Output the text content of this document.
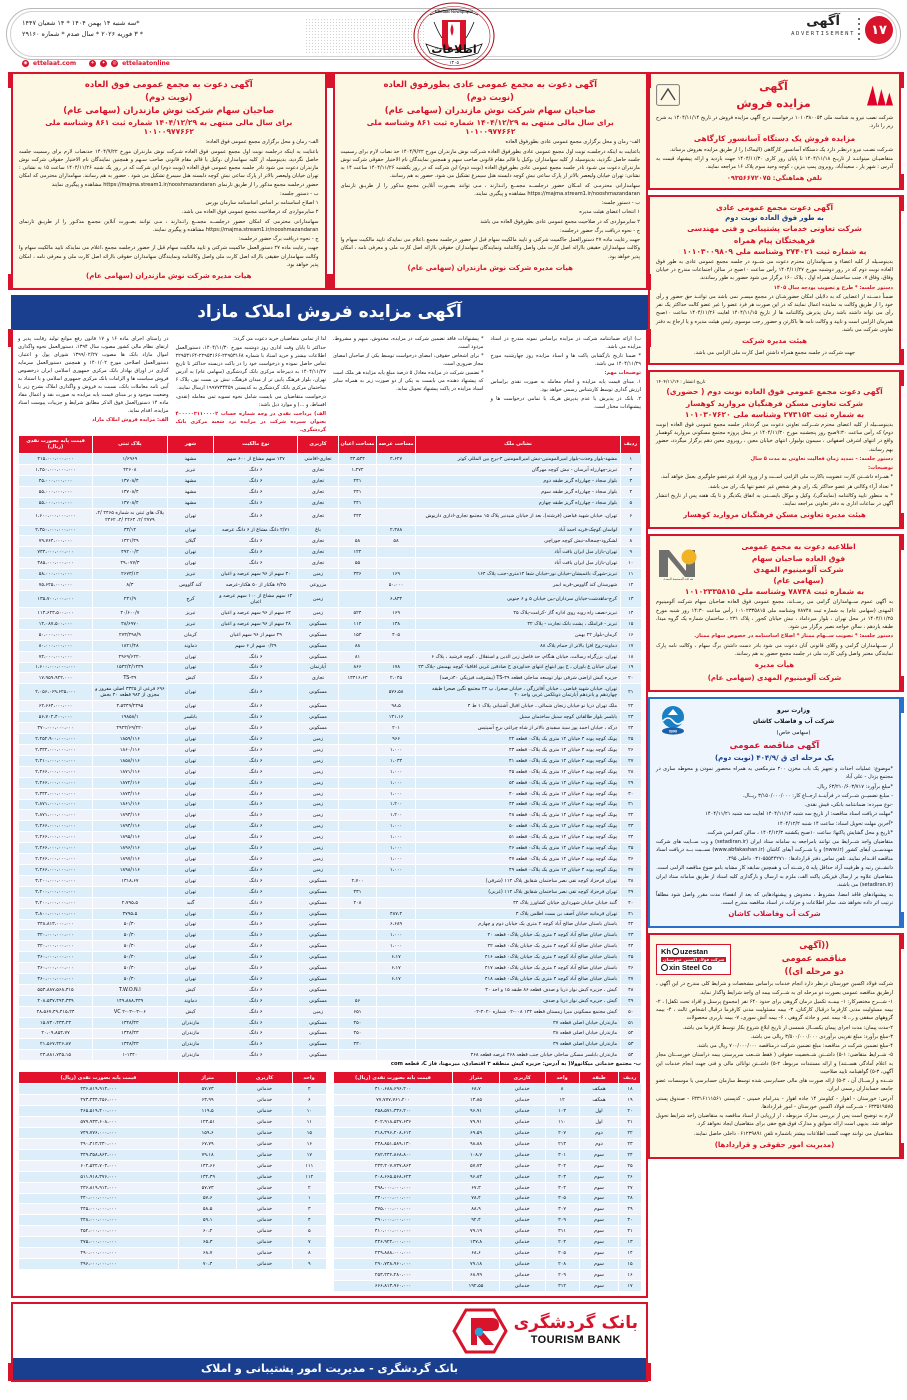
۱۷
آگهی
ADVERTISEMENT
Ettelaat Newspaper
اطلاعات
۱۳۰۵
*سه شنبه ۱۴ بهمن ۱۴۰۴ * ۱۴ شعبان ۱۴۴۷
* ۳ فوریه ۲۰۲۶ * سال صدم * شماره ۲۹۱۶۰
◉ ettelaat.com	✈	✦	◎ ettelaatonline
آگهی
مزایده فروش

شرکت نصب نیرو به شناسه ملی ۱۰۱۰۳۸۰۰۵۳ درخواست درج آگهی مزایده فروش در تاریخ ۱۴۰۴/۱۱/۱۴ به شرح زیر را دارد.

مزایده فروش یک دستگاه آسانسور کارگاهی

شـرکت نصـب نیرو درنظـر دارد یک دستگاه آسانسور کارگاهی (الیماک) را از طریق مزایده بفروش برساند.

متقاضیـان میتواننـد از تاریـخ ۱۴۰۴/۱۱/۱۸ تا پایان روز کاری ۱۴۰۴/۱۱/۳۰ جهت بازدید و ارائه پیشنهاد قیمت به آدرس : شهر یار ، سعیدآباد، روبروی پمپ بنزین ، کوچه وحید سوم پلاک ۱۶ مراجعه نمایند.

تلفن هماهنگی: ۰۹۳۵۶۶۷۲۰۷۵
آگهی دعوت مجمع عمومی عادی
به طور فوق العاده نوبت دوم
شرکت تعاونی خدمات پشتیبانی و فنی مهندسی
فرهیختگان پیام همراه
به شماره ثبت ۲۷۴۰۲۱ وشناسه ملی ۱۰۱۰۳۰۰۹۸۰۹

بدینوسـیله از کلیه اعضاء و ســهامداران محترم دعوت می شــود در جلسه مجمع عمومی عادی به طور فوق العاده نوبت دوم که در روز دوشنبه مورخ ۱۴۰۴/۱۱/۲۷ رأس ساعت ۱۰صبح در سالن اجتماعات مندرج در خیابان وفاق، وفاق ۷، جنب ساختمان همراه اول ، پلاک ۱۶۰ برگزار می شود حضور به طور رساندند.

دستور جلسه: * طرح و تصویب بودجه سال ۱۴۰۵

ضمناً دســته از اعضایی که به دلایلی امکان حضورشـان در مجمع میسـر نمی باشد می تواننـد حق حضور و رأی خود را از طریق وکالت به نماینده اعمال نمایند که در این صورت هر فرد عضو را غیر عضو کالت حداکثر یک نفر رأی می تواند داشته باشد زمان پذیرش وکالتنامه ها از تاریخ ۱۴۰۴/۱۱/۱۵ لغایت ۱۴۰۴/۱۱/۲۶ ساعت ۱۰صبح همزمان الزامی است و تایید و وکالت نامه ها باکارتن و حضور رجب موسوی رئیس هیئت مدیره و یا ارجاع به دفتر تعاونی شرکت می باشد.

هیئت مدیره شرکت
جهت شرکت در جلسه مجمع همراه داشتن اصل کارت ملی الزامی می باشد.
تاریخ انتشار : ۱۴۰۴/۱۱/۱۴
آگهی دعوت مجمع عمومی فوق العاده نوبت دوم ( حضوری)
شرکت تعاونی مسکن فرهنگیان مروارید کوهسار
به شماره ثبت ۲۷۳۱۵۳ وشناسه ملی ۱۰۱۰۳۰۷۶۲۰

بدینوســیله از کلیه اعضای محترم شــرکت تعاونی دعوت می گرددتادر جلسه مجمع عمومی فوق العاده (نوبت دوم) که رأس ساعت ۹:۳۰صبح روز پنجشنبه مورخ ۱۴۰۴/۱۱/۳۰ در محل پروژه مجتمع مسکونی مروارید کوهسار واقع در انتهای اشرفی اصفهانی ، سیمون بولیوار، انتهای خیابان معین ، روبروی معین دهم برگزار میگردد، حضور بهم رسانند.

دستور جلسه: - تمدید زمان فعالیت تعاونی به مدت ۵ سال

توضیحات:

* همـراه داشــتن کارت عضویت باکارت ملی الزامی اســت و از ورود افراد غیرعضو جلوگیری بعمل خواهد آمد.

* تعداد آراء وکالتی هر عضو حداکثر یک رای و هر شخص غیر عضو تنها یک رای می باشد.

* به منظور تایید وکالتنامه (نمایندگی)، وکیل و موکل بایســتی به اتفاق یکدیگر و تا یک هفته پس از تاریخ انتشار آگهی در ساعات اداری به دفتر تعاونی مراجعه نمایند.

هیئت مدیره تعاونی مسکن فرهنگیان مروارید کوهسار
اطلاعیه دعوت به مجمع عمومی
فوق العاده صاحبان سهام
شرکت آلومینیوم المهدی
(سهامی عام)
شرکت آلومینیوم المهدی
به شماره ثبت ۷۸۷۴۸ وشناسه ملی ۱۰۱۰۲۳۳۵۸۱۵

به آگهی عموم ســهامداران گرامی می رســاند، مجمع عمومی فوق العاده صاحبان سهام شرکت آلومینیوم المهدی (سهامی عام) به شماره ثبت ۷۸۷۴۸ وشناسه ملی ۱۰۱۰۲۳۳۵۸۱۵ رأس ساعت ۱۴:۳۰ روز شنبه مورخ ۱۴۰۴/۱۱/۲۵ در محل تهران ، بلوار میرداماد ، نبش خیابان کجور ، پلاک ۲۳۱ ، ساختمان شماره یک گروه میدا، طبقه یازدهم ، سالن خواجه نصیر برگزار می شود.

دستور جلسه: * تصویب ســهام ممتاز * اصلاح اساسنامه در خصوص سهام ممتاز.

از ســهامداران گرامی و وکلای قانونی آنان دعوت می شود بادر دست داشتن برگ سهام ، وکالت نامه پارک نمایندگی معتبر واصل وکپی کارت ملی در جلسه مجمع حضور به هم رسانند.

هیأت مدیره
شرکت آلومینیوم المهدی (سهامی عام)
وزارت نیرو
شرکت آب و فاضلاب کاشان
(سهامی خاص)
ISIRI
آگهی مناقصه عمومی
یک مرحله ای ق /۴۰۴/۹ (نوبت دوم)

*موضوع: عملیات احداث و تجهیز یک باب مخزن ۲۰۰ مترمکعبی به همراه محصور نمودن و محوطه سازی در مجتمع یزدل - علی آباد

*مبلغ برآورد: ۶۳/۲۱۰/۶۰۳/۷۱۷ ریال.

- مبلـغ تضمیــن شــرکت در فرآینــد ارجــاع کار: ۳/۱۵۰/۰۰۰/۰۰۰ ریــال.

-نوع سپرده: ضمانتنامه بانکی، فیش نقدی.

*مهلت دریافت اسناد مناقصه: از تاریخ سه شنبه ۱۴۰۴/۱۱/۱۴ لغایت سه شنبه ۱۴۰۴/۱۱/۲۱

*آخرین مهلت تحویل اسناد: ساعت ۱۴ شنبه ۱۴۰۴/۱۲/۲

*تاریخ و محل گشایش پاکتها: ساعت ۱۰صبح یکشنبه ۱۴۰۴/۱۲/۳ ، سالن کنفرانس شرکت.

متقاضیان واجد شــرایط می توانند بامراجعه به سامانه ستاد ایران (setadiran.ir) و وب ســایت های شرکت مهندســی آبفای کشور (nww.ir) و یا شــرکت آبفای کاشان (www.abfakashan.ir) نســبت بــه دریافت اسناد مناقصه اقــدام نمایند. تلفن تماس دفتر قراردادها: ۵۵۵۴۴۲۷۱۰-۰۳۱ داخلی ۴۹۵.

دانشــتن رتبه و ظرفیت آزاد حداقل پایه ۵ رشــته آب و همچنین سابقه کار مشابه بامو ضوع مناقصه الزامی است.

متقاضیان علاوه بر ارسال فیزیکی پاکت الف، ملزم به ارسال و بارگذاری کلیه اسناد از طریق سامانه ستاد ایران (setadiran.ir) می باشند.

به پیشنهادهای فاقد امضا، مشروط ، مخدوش و پیشنهادهایی که بعد از انقضاء مدت مقرر واصل شود مطلقاً ترتیب اثر داده نخواهد شد. سایر اطلاعات و جزئیات در اسناد مناقصه مندرج است.

شرکت آب وفاضلاب کاشان
((آگهی
مناقصه عمومی
دو مرحله ای))
Kh uzestan
شرکت فولاد اکسین خوزستان
xin Steel Co

شرکت فولاد اکسین خوزستان درنظر دارد انجام خدمات براساس مشخصات و شرایط کلی مندرج در این آگهی ، ازطریق مناقصه عمومی بصورت دو مرحله ای به شــرکت بیمه ای واجد شرایط واگذار نماید.

۱- شـــرح مختصرکار: ۱- بیمــه تکمیل درمان گروهی برای حدود ۶۴۰ نفر (مجموع پرسنل و افراد تحت تکفل) ، ۲- بیمه مسئولیت مدنی کارفرما درقبال کارکنان، ۳- بیمه مسئولیت مدنی کارفرما درقبال اشخاص ثالث ، ۴- بیمه گروههای سقفی و ر.، ۵- بیمه عمر و حادثه گروهی ، ۶- بیمه آتش سوزی، ۷- بیمه باربری محصولات

۲-مدت پیمان: مدت اجرای پیمان یکســال شمسی از تاریخ ابلاغ شروع بکار توسط کارفرما می باشد.

۳-مبلغ برآورد: مبلغ تقریبی برآوردی ۳/۵۰۰/۰۰۰/۰۰۰ ریالی می باشد.

۴-مبلغ تضمین شرکت در مناقصه: مبلغ تضمین شرکت درمناقصه ۷۰۰/۰۰۰/۰۰۰ ریال می باشد.

۵- شــرایط متقاضی: ۱-۵) داشــتن شــخصیت حقوقی ( فقط شــعب سرپرستی بیمه دراستان خوزســتان مجاز به اعلام آمادگی هســتند) و ارائه مستندات مربوط، ۲-۵) داشــتن توانائی مالی و فنی جهت انجام خدمات این آگهی، ۳-۵) گواهینامه تایید صلاحیت

شــده و ارســال آن ، ۴-۵) ارائه صورت های مالی حسابرسی شده توسط سازمان حسابرسی یا موسسات عضو جامعه حسابداران رسمی ایران.

آدرس: خوزستان - اهواز - کیلومتر ۱۴ جاده اهواز - بندرامام خمینی - کدپستی ۶۳۳۱۶۱۱۱۵۶۱ - صندوق پستی ۶۳۳۵۱۹۵۷۵ - شــرکت فولاد اکسین خوزستان - امور قراردادها.

لازم به توضیح است پس از بررسی مدارک مربوطه ، از ارزیابی از اسناد مناقصه به متقاضیان راجد شرایط تحویل خواهد شد. بدیهی است ارائه سوابق و مدارک فوق هیچ حقی برای متقاضیان ایجاد نخواهد کرد.

متقاضیان می توانند جهت کسب اطلاعات بیشتر باشماره تلفن ۰۶۱۲۳۹۸۹۱ داخلی حاصل نمایند.

(مدیریت امور حقوقی و قراردادها)
آگهی دعوت به مجمع عمومی عادی بطورفوق العاده
(نوبت دوم)
صاحبان سهام شرکت نوش مازندران (سهامی عام)
برای سال مالی منتهی به ۱۴۰۴/۱۲/۲۹ شماره ثبت ۸۶۱ وشناسه ملی ۱۰۱۰۰۹۷۷۶۶۲

الف- زمان و محل برگزاری مجمع عمومی عادی بطورفوق العاده

باعنایت به اینکه درجلسـه نوبت اول مجمع عمومی عادی بطورفوق العاده شـرکت نوش مازندران مورخ ۱۴۰۴/۹/۲۲ حد نصاب لازم برای رسمیت جلسه حاصل نگردید، بدینوسیله از کلیه سهامداران ،وکیل یا قائم مقام قانونی صاحب سهم و همچنین نمایندگان نام الاختیار حقوقی شرکت نوش مازندران دعوت می شـود تادر جلسه مجمع عمومی عادی بطورفوق العاده (نوبت دوم) این شرکت که در روز یکشنبه ۱۴۰۴/۱۱/۲۶ ساعت ۱۴ به نشانی: تهران خیابان ولیعصر بالاتر از پارک ساعی نبش کوچه دلبسته هتل سیمرغ تشکیل می شود. حضور به هم رسانند.

سهامدارانی محترمـی که امـکان حضور درجلســه مجمــع رانـدارند ، مـی توانند بصـورت آنلایـن مجمع مذکور را از طریـق تارنمای https://majma.stream1.ir/nooshmazandaran مشاهده و پیگیری نمایند.

ب - دستور جلسه:

۱ انتخاب اعضای هیئت مدیره

۲ سایرمواردی که در صلاحیت مجمع عمومی عادی بطورفوق العاده می باشد

ج - نحوه دریافت برگ حضور درجلسه:

جهت رعایت ماده ۲۷ دستورالعمل حاکمیت شرکتی و تایید مالکیت سهام قبل از حضور درجلسه مجمع ،اعلام می نمایدکه تایید مالکیت سهام وا وکالت سهامداران حقیقی باارائه اصل کارت ملی واصل وکالتنامه ونمایندگان سهامداران حقوقی باارائه اصل کارت ملی و معرفی نامه ، امکان پذیر خواهد بود.

هیات مدیره شرکت نوش مازندران (سهامی عام)
آگهی دعوت به مجمع عمومی فوق العاده
(نوبت دوم)
صاحبان سهام شرکت نوش مازندران (سهامی عام)
برای سال مالی منتهی به ۱۴۰۴/۱۲/۲۹ شماره ثبت ۸۶۱ وشناسه ملی ۱۰۱۰۰۹۷۷۶۶۲

الف- زمان و محل برگزاری مجمع عمومی فوق العاده:

باعنایت به اینکه درجلسه نوبت اول مجمع عمومی فوق العاده شـرکت نوش مازندران مورخ ۱۴۰۴/۹/۲۲ حدنصاب لازم برای رسمیت جلسه حاصل نگردید، بدینوسیله از کلیه سهامداران ،وکیل یا قائم مقام قانونی صاحب سـهم و همچنین نمایندگان نام الاختیار حقوقی شرکت نوش مازندران دعوت می شود تادر جلسه مجمع عمومی فوق العاده (نوبت دوم) این شرکت که در روز یک شنبه ۱۴۰۴/۱۱/۲۶ ساعت ۱۵ به نشانی : تهران خیابان ولیعصر بالاتر از پارک ساعی نبش کوچه دلبسته هتل سیمرغ تشکیل می شود . حضور به هم رسانند. سهامداران محترمی که امکان حضور درجلسه مجمع مذکور را از طریق تارنمای https://majma.stream1.ir/nooshmazandaran مشاهده و پیگیری نمایند

ب - دستور جلسه:

۱ اصلاح اساسنامه بر اساس اساسنامه سازمان بورس

۲ سایرمواردی که درصلاحیت مجمع عمومی فوق العاده می باشد.

سهامدارانی محترمی که امکان حضور درجلســه مجمــع رانـدارند ، مـی توانند بصـورت آنلاین مجمـع مذکـور را از طریـق تارنمای https://majma.stream1.ir/nooshmazandaran مشاهده و پیگیری نمایند.

ج - نحوه دریافت برگ حضور درجلسه:

جهت رعایت ماده ۲۷ دستورالعمل حاکمیت شرکتی و تایید مالکیت سهام قبل از حضور درجلسه مجمع ،اعلام می نمایدکه تایید مالکیت سهام وا وکالت سهامداران حقیقی باارائه اصل کارت ملی واصل وکالتنامه ونمایندگان سهامداران حقوقی باارائه اصل کارت ملی و معرفی نامه ، امکان پذیر خواهد بود.

هیات مدیره شرکت نوش مازندران (سهامی عام)
آگهی مزایده فروش املاک مازاد

ب) ارائه ضمانتنامه شرکت در مزایده براساس نمونه مندرج در اسناد مزایده می باشد.

* ضمنا تاریخ بازگشایی پاکت ها و اسناد مزایده روز چهارشنبه مورخ ۱۴۰۴/۱۱/۲۹ می باشد.

توضیحات مهم:

۱. مبنای قیمت پایه مزایده و انجام معامله به صورت نقدی براساس ارزش گذاری توسط کارشناس رسمی خواهد بود.

۲. بانک در پذیرش یا عدم پذیرش هریک یا تمامی درخواست ها و پیشنهادات مختار است.

* پیشنهادات فاقد تضمین شرکت در مزایده، مخدوش، مبهم و مشروط، مردود است.

* برای اشخاص حقوقی، امضای درخواست توسط یکی از صاحبان امضای مجاز ضروری است.

* تضمین شرکت در مزایده معادل ۵ درصد مبلغ پایه مزایده هر ملک است که پیشنهاد دهنده می بایست به یکی از دو صورت زیر به همراه سایر اسناد مزایده در پاکت پیشنهاد تحویل نماید.

لذا از تمامی متقاضیان خرید دعوت می گردد:

حداکثر تا پایان وقت اداری روز دوشنبه مورخ ۱۴۰۴/۱۱/۳۰، دستورالعمل اطلاعات بیشتر و خرید اسناد با شماره ۲۲۹۵۳۱۶۸-۲۲۹۵۳۱۶۶-۲۲۹۵۳۱۶۴ تماس حاصل نموده و درخواست خود را در پاکت دربسته حداکثر تا تاریخ ۱۴۰۴/۱۱/۲۷ به دبیرخانه مرکزی بانک گردشگری (سهامی عام) به آدرس تهران، بلوار فرهنگ پایین تر از میدان فرهنگ، نبش بن بست نور، پلاک ۶ ساختمان مرکزی بانک گردشگری به کدپستی ۱۹۹۷۷۳۴۴۵۹ ارسال نمایند.

درخواست متقاضیان می بایست شامل نحوه تسویه ثمن معامله (نقدی، اقساط، و ...) و موارد ذیل باشد:

الف) پرداخت نقدی در وجه شماره حساب ۴۰۰۰۰۰۳۱۱۰۰۰۰۲ بعنوان سپرده شرکت در مزایده نزد شعبه مرکزی بانک گردشگری.

در راستای اجرای ماده ۱۶ و ۱۷ قانون رفع موانع تولید رقابت پذیر و ارتقای نظام مالی کشور مصوب سال ۱۳۹۴، دستورالعمل نحوه واگذاری اموال مازاد بانک ها مصوب ۱۳۹۹/۰۲/۲۷ شورای پول و اعتبار، دستورالعمل اصلاحی مورخ ۱۴۰۱/۰۲ و همچنین دستورالعمل سرمایه گذاری در اوراق بهادار بانک مرکزی جمهوری اسلامی ایران درخصوص فروش سیاست ها و الزامات بانک مرکزی جمهوری اسلامی و با استناد به آیین نامه معاملات بانک، نسبت به فروش و واگذاری املاک بشرح زیر با وضعیت موجود و بر مبنای قیمت پایه مزایده به صورت نقد و اعمال مفاد ماده ۱۴ دستورالعمل فوق الذکر مطابق شرایط و جزییات پیوست اسناد مزایده، اقدام نماید.

الف: مزایده فروش املاک مازاد

ردیف	نشانی ملک	مساحت عرصه	مساحت اعیان	کاربری	نوع مالکیت	شهر	پلاک ثبتی	قیمت پایه بصورت نقدی (ریال)
۱	مشهد-بلوار وحدت-بلوار امیرالمومنین-نبش امیرالمومنین ۳-برج بین المللی کوثر	۳،۶۲۷	۳۴،۵۳۴	تجاری-اقامتی	۱۴۷ سهم مشاع از ۶۰۰ سهم	مشهد	۱/۶۹۶۹	۲۱۵،۰۰۰،۰۰۰،۰۰۰
۲	تبریز-چهارراه آبرسان - نبش کوچه مهرگان		۱،۲۷۲	تجاری	۶ دانگ	تبریز	۴۲۶۰۸	۱،۲۵۰،۰۰۰،۰۰۰،۰۰۰
۳	بلوار سجاد - چهارراه گریز طبقه دوم		۲۴۱	تجاری	۶ دانگ	مشهد	۱۳۷۰۸/۴	۴۵،۰۰۰،۰۰۰،۰۰۰
۴	بلوار سجاد - چهارراه گریز طبقه سوم		۲۴۱	تجاری	۶ دانگ	مشهد	۱۳۷۰۸/۴	۵۵،۰۰۰،۰۰۰،۰۰۰
۵	بلوار سجاد - چهارراه گریز طبقه چهارم		۲۴۱	تجاری	۶ دانگ	مشهد	۱۳۷۰۸/۴	۵۵،۰۰۰،۰۰۰،۰۰۰
۶	تهران، خیابان شهید فیاضی (فرشته)، بعد از خیابان شیدنبر پلاک ۱۵ مجتمع تجاری-اداری داریوش		۲۴۴	تجاری	۶ دانگ	تهران	پلاک های ثبتی به شماره ۲۴۶۵ /۲، ۲۷۷۹ /۲، ۲۴۶۳ /۴، ۲۴۶۲	۱،۶۰۰،۰۰۰،۰۰۰،۰۰۰
۷	لواسان کوچک-قریه احمد آباد	۲،۳۸۸		باغ	۲/۷۱ دانگ مشاع از ۶ دانگ عرصه	تهران	۳۳/۱۴	۲،۳۵۰،۰۰۰،۰۰۰،۰۰۰
۸	لشکرود-چمخاله-نبش کوچه جوراچی	۵۸	۵۸	تجاری	۶ دانگ	گیلان	۱۳۲۱/۳۹	۷۹،۷۶۴،۰۰۰،۰۰۰
۹	تهران-بازار مبل ایران یافت آباد		۱۲۲	تجاری	۶ دانگ	تهران	۴۹۲۰۰/۳	۷۳۴،۰۰۰،۰۰۰،۰۰۰
۱۰	تهران-بازار مبل ایران یافت آباد		۵۵	تجاری	۶ دانگ	تهران	۴۹،۰۷۷/۳	۳۸۵،۰۰۰،۰۰۰،۰۰۰
۱۱	تبریز-شهرک باغمیشان-خیابان نور-خیابان شفا ۱۴متری-جنب پلاک ۱۶۴	۱۶۹	۳۳۶	زمین	۳۰ سهم از ۹۶ سهم عرصه و اعیان	تبریز	۲۶۷۳/۱۳	۵۸،۰۰۰،۰۰۰،۰۰۰
۱۲	شهرستان کند گاووس-قریه ایمر	۵۰،۰۰۰		مزروعی	۶/۲۵ هکتار از ۵۰ هکتار-عرصه	کند گاووس	۸/۳	۷۵،۶۲۵،۰۰۰،۰۰۰
۱۳	کرج-ماهدشت-خیابان سرداران-بین خیابان ۵ و ۶ جنوبی	۶،۸۳۴		زمین	۱۲ سهم مشاع از ۱۰۰ سهم عرصه و اعیان	کرج	۲۳۱/۹	۱۳۵،۷۰۰،۰۰۰،۰۰۰
۱۴	تبریز-نصف راه روبه روی اداره گاز -کرامت-پلاک ۴۵	۱۶۹	۵۲۴	زمین	۶۳ سهم از ۹۶ سهم عرصه و اعیان	تبریز	۴۰/۶۰۰/۷	۱۱۳،۶۲۳،۵۰۰،۰۰۰
۱۵	تبریز - قراملک ، پشت بانک تجارت - پلاک ۳۲	۱۳۸	۱۱۴	مسکونی	۲۸ سهم از ۹۶ سهم عرصه و اعیان	تبریز	۳۸/۶۹۷۰	۱۴،۰۸۷،۵۰۰،۰۰۰
۱۶	کرمان-بلوار ۲۲ بهمن	۴۰۵	۱۵۳	مسکونی	۲۹ سهم از ۹۶ سهم اعیان	کرمان	۲۷۳/۴۹۸/۹	۵۰،۰۰۰،۰۰۰،۰۰۰
۱۷	دماوند-روح افزا بالاتر از حمام پلاک ۸۸		۸۸	مسکونی	۰/۲۹ سهم از ۶ سهم	دماوند	۱۸۲۱/۴۸	۸۰،۰۰۰،۰۰۰،۰۰۰
۱۸	تهران، بزرگراه رسالت، خیابان هنگام، حد فاصل زین الدین و استقلال ، کوچه فرشید ، پلاک ۶		۸۱	مسکونی	۶ دانگ	تهران	۲۹۶۹/۶۲۲۰	۷۴،۰۰۰،۰۰۰،۰۰۰
۱۹	تهران خیابان ع باوران ، خ پور ابتهاج انتهای خداوردی خ صادقین غربی اقاقیا- کوچه بهمنش -پلاک ۲۳	۱۷۸	۸۶۶	آپارتمان	۶ دانگ	تهران	۱۵۴۲/۴/۱۴۳۹	۱،۶۰۰،۰۰۰،۰۰۰،۰۰۰
۲۰	جزیره کیش اراضی شرقی نوار توسعه ساحلی قطعه TS-۳۹ (پیشرفت فیزیکی ۴۰درصد)	۲،۰۴۵	۱۳۴۱۶،۶۳	تجاری	۶ دانگ	کیش	TS-۳۹	۱۷،۹۵۹،۹۲۲،۰۰۰
۲۱	تهران، خیابان شهید فیاضی ، خیابان آقابزرگی ، خیابان صحرا، پ ۲۴ مجتمع نگین صحرا طبقه چهاردهم و پانزدهم آپارتمان دوبلکس غربی واحد ۴۰	۵۷۶،۵۸		مسکونی	۶ دانگ	تهران	۶۹۶ فرعی از ۳۳۲۵ اصلی مفروز و مجزی از ۹۸۲ قطعه ۴۰ بخش	۲،۰۵۶،۰۶۹،۶۲۵،۰۰۰
۲۲	ملک تهران دریا نو خیابان زنجان شمالی ، خیابان اقبال آشتیانی پلاک ۱ ط ۴	۹۸،۵		مسکونی	۶ دانگ	تهران	۴،۵۳۴۹/۲۳۹۵	۶۲،۶۶۴،۰۰۰،۰۰۰
۲۳	بابلسر بلوار طالقانی کوچه سنبل ساختمان سنبل	۱۳۱،۱۶		مسکونی	۶ دانگ	بابلسر	۱۹۸۵۸/۱	۵۶،۷۰۲،۴۰۰،۰۰۰
۲۴	درکه ، خیابان احمد پور سید سفیدی بالاتر از شاه چراغی برج آسیتیس	۲۰۱		مسکونی	۶ دانگ	تهران	۴۹۲۳/۶۹/۲۲۰	۳۷۰،۰۰۰،۰۰۰،۰۰۰
۲۵	پونک کوچه پونه ۴ خیابان ۱۲ متری یک پلاک۰ قطعه ۲۲	۹۶۶		زمین	۶ دانگ	تهران	۱۸۵۹/۱۱۶	۲،۲۵۲،۹۰۰،۰۰۰،۰۰۰
۲۶	پونک کوچه پونه ۴ خیابان ۱۲ متری یک پلاک۰ قطعه ۴۳	۱،۰۰۰		زمین	۶ دانگ	تهران	۱۸۶۰/۱۱۶	۲،۳۳۲،۰۰۰،۰۰۰،۰۰۰
۲۷	پونک کوچه پونه ۴ خیابان ۱۲ متری یک پلاک۰ قطعه ۴۱	۱،۰۳۴		زمین	۶ دانگ	تهران	۱۸۵۸/۱۱۶	۲،۴۱۰،۰۰۰،۰۰۰،۰۰۰
۲۸	پونک کوچه پونه ۴ خیابان ۱۲ متری یک پلاک۰ قطعه ۴۵	۱،۰۰۰		زمین	۶ دانگ	تهران	۱۸۷۱/۱۱۶	۲،۴۶۶،۰۰۰،۰۰۰،۰۰۰
۲۹	پونک کوچه پونه ۴ خیابان ۱۲ متری یک پلاک۰ قطعه ۵۲	۱،۰۰۰		زمین	۶ دانگ	تهران	۱۸۷۲/۱۱۶	۲،۴۶۶،۰۰۰،۰۰۰،۰۰۰
۳۰	پونک کوچه پونه ۴ خیابان ۱۲ متری یک پلاک۰ قطعه ۴۰	۱،۰۰۰		زمین	۶ دانگ	تهران	۱۸۷۳/۱۱۶	۲،۳۳۲،۰۰۰،۰۰۰،۰۰۰
۳۱	پونک کوچه پونه ۴ خیابان ۱۲ متری یک پلاک۰ قطعه ۴۴	۱،۲۰۰		زمین	۶ دانگ	تهران	۱۸۶۱/۱۱۶	۲،۸۷۱،۰۰۰،۰۰۰،۰۰۰
۳۲	پونک کوچه پونه ۴ خیابان ۱۲ متری یک پلاک۰ قطعه ۴۸	۱،۲۰۰		زمین	۶ دانگ	تهران	۱۸۹۳/۱۱۶	۲،۸۷۱،۰۰۰،۰۰۰،۰۰۰
۳۳	پونک کوچه پونه ۴ خیابان ۱۲ متری یک پلاک۰ قطعه ۵۰	۱،۰۰۰		زمین	۶ دانگ	تهران	۱۸۹۴/۱۱۶	۲،۴۶۶،۰۰۰،۰۰۰،۰۰۰
۳۴	پونک کوچه پونه ۴ خیابان ۱۲ متری یک پلاک۰ قطعه ۵۱	۱،۰۰۰		زمین	۶ دانگ	تهران	۱۸۹۵/۱۱۶	۲،۴۶۶،۰۰۰،۰۰۰،۰۰۰
۳۵	پونک کوچه پونه ۴ خیابان ۱۲ متری یک پلاک۰ قطعه ۴۶	۱،۰۰۰		زمین	۶ دانگ	تهران	۱۸۹۶/۱۱۶	۲،۴۶۶،۰۰۰،۰۰۰،۰۰۰
۳۶	پونک کوچه پونه ۴ خیابان ۱۲ متری یک پلاک۰ قطعه ۴۷	۱،۰۰۰		زمین	۶ دانگ	تهران	۱۸۹۷/۱۱۶	۲،۴۶۶،۰۰۰،۰۰۰،۰۰۰
۳۷	پونک کوچه پونه ۴ خیابان ۱۲ متری یک پلاک۰ قطعه ۴۹	۱،۰۰۰		زمین	۶ دانگ	تهران	۱۸۹۸/۱۱۶	۲،۴۶۶،۰۰۰،۰۰۰،۰۰۰
۳۸	تهران فرحزاد کوچه تقی نصر ساختمان شقایق پلاک ۱۱۲ (شرقی)		۲،۷۰۰	مسکونی	۶ دانگ	تهران	۱۳۱۸،۶۷	۳،۲۰۰،۰۰۰،۰۰۰،۰۰۰
۳۹	تهران فرحزاد کوچه تقی نصر ساختمان شقایق پلاک ۱۱۲ (غربی)		۴۳۱	مسکونی	۶ دانگ	تهران		۳،۲۰۰،۰۰۰،۰۰۰،۰۰۰
۴۰	گنبد خیابان خیابان شهرداری خیابان کشاورز پلاک ۳۴		۲۰۸	مسکونی	۶ دانگ	گنبد	۲،۷۹۵،۵	۳،۲۰۰،۰۰۰،۰۰۰،۰۰۰
۴۱	تهران فرمانیه خیابان آصف بن بست اطلس پلاک ۳	۴۸۷،۲		مسکونی	۶ دانگ	تهران	۳۷۹۵،۵	۳،۸۰۰،۰۰۰،۰۰۰،۰۰۰
۴۲	باستان باستان خیابان صالح آباد کوچه ۴ متری یک خیابان دوم و چهارم	۶،۶۸۹		مسکونی	۶ دانگ	تهران	۵۰/۳۰	۳۴۸،۸۱۳،۰۰۰،۰۰۰
۴۳	باستان خیابان صالح آباد کوچه ۴ متری یک خیابان پلاک۰ قطعه ۴۰	۱،۰۰۰		مسکونی	۶ دانگ	تهران	۵۰/۳۰	۳۲۰،۰۰۰،۰۰۰،۰۰۰
۴۴	باستان خیابان صالح آباد کوچه ۴ متری یک خیابان پلاک۰ قطعه ۴۲	۱،۰۰۰		مسکونی	۶ دانگ	تهران	۵۰/۳۰	۳۲۰،۰۰۰،۰۰۰،۰۰۰
۴۵	باستان خیابان صالح آباد کوچه ۴ متری یک خیابان پلاک۰ قطعه ۴۱۶	۶،۱۷		مسکونی	۶ دانگ	تهران	۵۰/۳۰	۳۶۰،۰۰۰،۰۰۰،۰۰۰
۴۶	باستان خیابان صالح آباد کوچه ۴ متری یک خیابان پلاک۰ قطعه ۴۱۷	۶،۱۷		مسکونی	۶ دانگ	تهران	۵۰/۳۰	۳۶۰،۰۰۰،۰۰۰،۰۰۰
۴۷	باستان خیابان صالح آباد کوچه ۴ متری یک خیابان پلاک۰ قطعه ۴۱۸	۶،۱۷		مسکونی	۶ دانگ	تهران	۵۰/۳۰	۳۶۰،۰۰۰،۰۰۰،۰۰۰
۴۸	کیش ، جزیره کیش نوار دریا و صدف قطعه ۸۶ طبقه ۱۵ و احد ۳۰			مسکونی	۶ دانگ	کیش	T.W.O.N.I	۵۵۳،۸۸۷،۵۶۸،۳۱۵
۴۹	کیش ، جزیره کیش نوار دریا و صدف		۵۶	مسکونی	۶ دانگ	دماوند	۱۴۹،۸۸۸،۳۳۹	۴۰۸،۵۳۷،۴۹۴،۳۳۹
۵۰	کیش مجتمع مسکونی میرا زمستان قطعه ۱۳۲ ۰۰۸-۰۲ شماره ۴۰۲۰-۰۲		۶۵۱	زمین	۶ دانگ	کیش	VC ۲-۰۳-۰۳-۰۶	۲۸،۵۶۷،۴۹،۴۱۵،۲۴
۵۱	مازندران خیابان اصلی قطعه ۳۷		۴۵۰	مسکونی	۶ دانگ	مازندران	۱۳۴۸/۳۳	۱۵،۷۳۰،۴۳۳،۲۳
۵۲	مازندران خیابان اصلی قطعه ۳۸		۴۵۰	مسکونی	۶ دانگ	مازندران	۱۳۴۸/۳۳	۲۰،۰۹،۸۵۴،۷۷
۵۳	مازندران خیابان اصلی قطعه ۳۹		۴۳۰	مسکونی	۶ دانگ	مازندران	۱۳۴۸/۳۳	۲۱،۵۶۷،۴۲۶،۸۷
۵۴	مازندران بابلسر مسکن ساحلی خیابان جنب قطعه ۴۶۸ عرصه قطعه ۴۶۸			مسکونی	۶ دانگ	مازندران	۱-۱۳۴۰	۲۳،۸۸۱،۷۴۵،۱۵
ب- مجتمع خدماتی میکانوولا( به آدرس: جزیره کیش منطقه ۳ اقتصادی، میرمهنا، فاز C، قطعه com
ردیف	طبقه	واحد	کاربری	متراژ	قیمت پایه بصورت نقدی (ریال)
۱۸	همکف	۸	خدماتی	۶۸،۷	۴۱۰،۶۸۸،۶۹۶،۲۰۰
۱۹	همکف	۱۲	خدماتی	۱۳،۸۵	۷۷،۷۷۷،۷۶۱،۲۰۰
۲۰	اول	۱۰۳	خدماتی	۹۶،۹۱	۴۵۸،۵۷۱،۳۳۶،۲۰۰
۲۱	اول	۱۱۰	خدماتی	۷۹،۹۱	۴۰۲،۹۱۸،۵۴۷،۶۳۶
۲۲	دوم	۲۰۷	خدماتی	۶۹،۵۹	۳۱۸،۳۹۶،۲۰۸،۶۱۲
۲۳	دوم	۲۱۳	خدماتی	۹۸،۸۸	۴۳۸،۸۵۱،۵۸۹،۱۳۰
۲۴	سوم	۳۰۱	خدماتی	۱۰۸،۷	۴۸۲،۴۴۲،۸۶۸،۸۰۰
۲۵	سوم	۳۰۲	خدماتی	۵۷،۷۳	۲۴۳،۴۰۷،۷۳۷،۸۶۴
۲۶	سوم	۳۰۳	خدماتی	۹۶،۸۳	۴۰۸،۶۶۵،۵۶۸،۶۲۴
۲۷	سوم	۳۰۴	خدماتی	۶۷،۳	۲۹۸،۰۰۰،۰۰۰،۰۰۰
۲۸	سوم	۳۰۵	خدماتی	۷۸،۴	۳۳۰،۰۰۰،۰۰۰،۰۰۰
۲۹	سوم	۳۰۷	خدماتی	۸۸،۹	۳۷۵،۰۰۰،۰۰۰،۰۰۰
۳۰	سوم	۳۰۹	خدماتی	۹۲،۴	۳۹۰،۰۰۰،۰۰۰،۰۰۰
۳۱	سوم	۳۱۱	خدماتی	۷۹،۱۹	۴۱۰،۰۰۰،۰۰۰،۰۰۰
۱۳	سوم	۲۰۴	خدماتی	۱۴۷،۸	۴۴۶،۹۲۴،۰۰۰،۰۰۰
۱۴	سوم	۲۰۵	خدماتی	۶۸،۶	۲۲۹،۸۸۸،۰۰۰،۰۰۰
۱۵	سوم	۲۰۸	خدماتی	۷۹،۱۸	۲۹۰،۷۴۸،۹۶۰،۰۰۰
۱۶	سوم	۲۰۹	خدماتی	۶۸،۹۹	۲۵۳،۲۳۶،۲۸۰،۰۰۰
۱۷	سوم	۳۱۲	خدماتی	۱۹۲،۵۵	۶۶۶،۸۱۳،۹۶۰،۰۰۰
واحد	کاربری	متراژ	قیمت پایه بصورت نقدی (ریال)
۲	خدماتی	۵۷،۷۳	۲۳۶،۸۱۹،۹۱۲،۰۰۰
۶	خدماتی	۶۳،۹۹	۲۷۳،۴۳۴،۲۵۶،۰۰۰
۱۰	خدماتی	۱۱۹،۵	۴۶۵،۵۱۹،۴۰۰،۰۰۰
۱۱	خدماتی	۱۲۳،۵۱	۵۷۹،۹۳۳،۶۰۸،۰۰۰
۱۵	خدماتی	۱۵۹،۶	۷۴۹،۷۷۶،۰۰۰،۰۰۰
۱۶	خدماتی	۶۷،۷۹	۲۹۰،۴۱۳،۲۳۰،۰۰۰
۱۷	خدماتی	۷۹،۱۸	۳۴۹،۳۵۸،۸۶۴،۰۰۰
۱۱۱	خدماتی	۱۴۴،۶۶	۶۰۲،۵۲۲،۷۰۴،۰۰۰
۱۱۲	خدماتی	۱۳۲،۴۹	۵۱۱،۹۱۸،۳۷۶،۰۰۰
۲	خدماتی	۵۷،۷۳	۲۳۶،۸۱۹،۹۱۲،۰۰۰
۱	خدماتی	۵۷،۶	۲۴۰،۰۰۰،۰۰۰،۰۰۰
۳	خدماتی	۵۸،۵	۲۴۵،۰۰۰،۰۰۰،۰۰۰
۴	خدماتی	۵۹،۱	۲۴۸،۰۰۰،۰۰۰،۰۰۰
۵	خدماتی	۶۰،۲	۲۵۲،۰۰۰،۰۰۰،۰۰۰
۷	خدماتی	۶۵،۳	۲۷۵،۰۰۰،۰۰۰،۰۰۰
۸	خدماتی	۶۸،۷	۲۹۰،۰۰۰،۰۰۰،۰۰۰
۹	خدماتی	۷۰،۴	۲۹۶،۰۰۰،۰۰۰،۰۰۰
بانک گردشگری
TOURISM BANK
بانک گردشگری - مدیریت امور پشتیبانی و املاک
